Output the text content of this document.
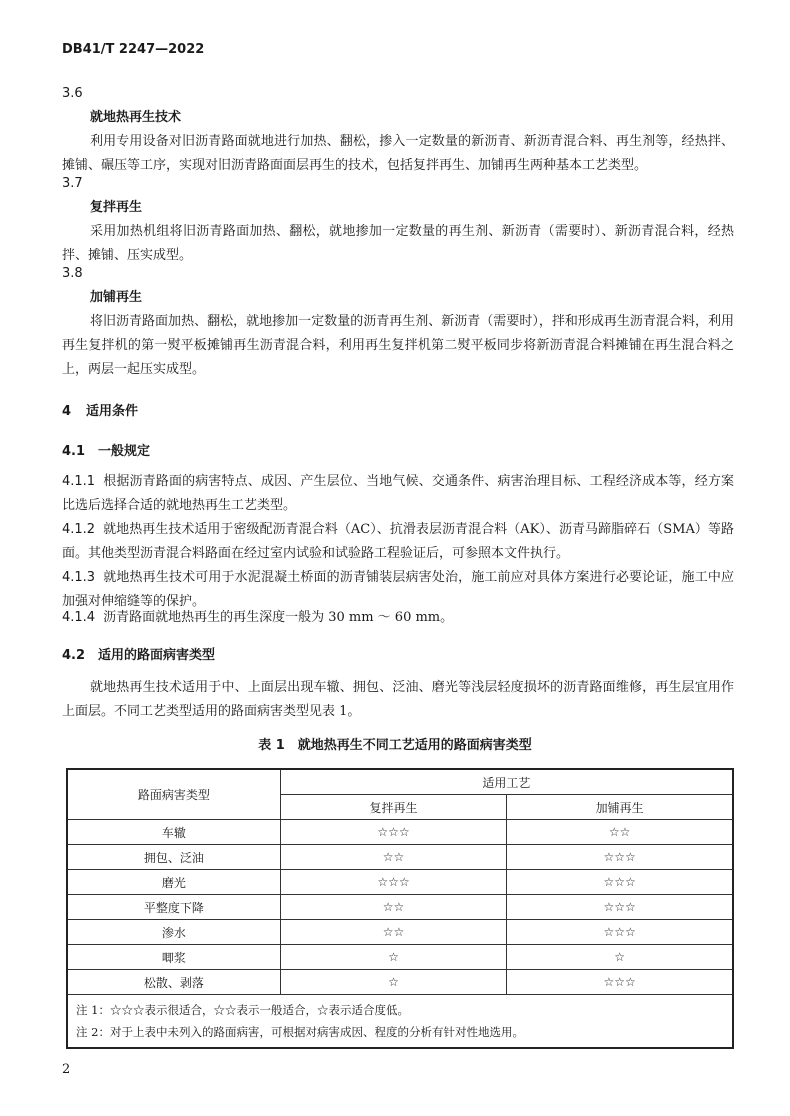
DB41/T 2247—2022
3.6
就地热再生技术
利用专用设备对旧沥青路面就地进行加热、翻松，掺入一定数量的新沥青、新沥青混合料、再生剂等，经热拌、摊铺、碾压等工序，实现对旧沥青路面面层再生的技术，包括复拌再生、加铺再生两种基本工艺类型。
3.7
复拌再生
采用加热机组将旧沥青路面加热、翻松，就地掺加一定数量的再生剂、新沥青（需要时）、新沥青混合料，经热拌、摊铺、压实成型。
3.8
加铺再生
将旧沥青路面加热、翻松，就地掺加一定数量的沥青再生剂、新沥青（需要时），拌和形成再生沥青混合料，利用再生复拌机的第一熨平板摊铺再生沥青混合料，利用再生复拌机第二熨平板同步将新沥青混合料摊铺在再生混合料之上，两层一起压实成型。
4 适用条件
4.1 一般规定
4.1.1 根据沥青路面的病害特点、成因、产生层位、当地气候、交通条件、病害治理目标、工程经济成本等，经方案比选后选择合适的就地热再生工艺类型。
4.1.2 就地热再生技术适用于密级配沥青混合料（AC）、抗滑表层沥青混合料（AK）、沥青马蹄脂碎石（SMA）等路面。其他类型沥青混合料路面在经过室内试验和试验路工程验证后，可参照本文件执行。
4.1.3 就地热再生技术可用于水泥混凝土桥面的沥青铺装层病害处治，施工前应对具体方案进行必要论证，施工中应加强对伸缩缝等的保护。
4.1.4 沥青路面就地热再生的再生深度一般为 30 mm ～ 60 mm。
4.2 适用的路面病害类型
就地热再生技术适用于中、上面层出现车辙、拥包、泛油、磨光等浅层轻度损坏的沥青路面维修，再生层宜用作上面层。不同工艺类型适用的路面病害类型见表 1。
表 1　就地热再生不同工艺适用的路面病害类型
路面病害类型	适用工艺	
	复拌再生	加铺再生
车辙	☆☆☆	☆☆
拥包、泛油	☆☆	☆☆☆
磨光	☆☆☆	☆☆☆
平整度下降	☆☆	☆☆☆
渗水	☆☆	☆☆☆
唧浆	☆	☆
松散、剥落	☆	☆☆☆

注 1：☆☆☆表示很适合，☆☆表示一般适合，☆表示适合度低。
注 2：对于上表中未列入的路面病害，可根据对病害成因、程度的分析有针对性地选用。		
2
